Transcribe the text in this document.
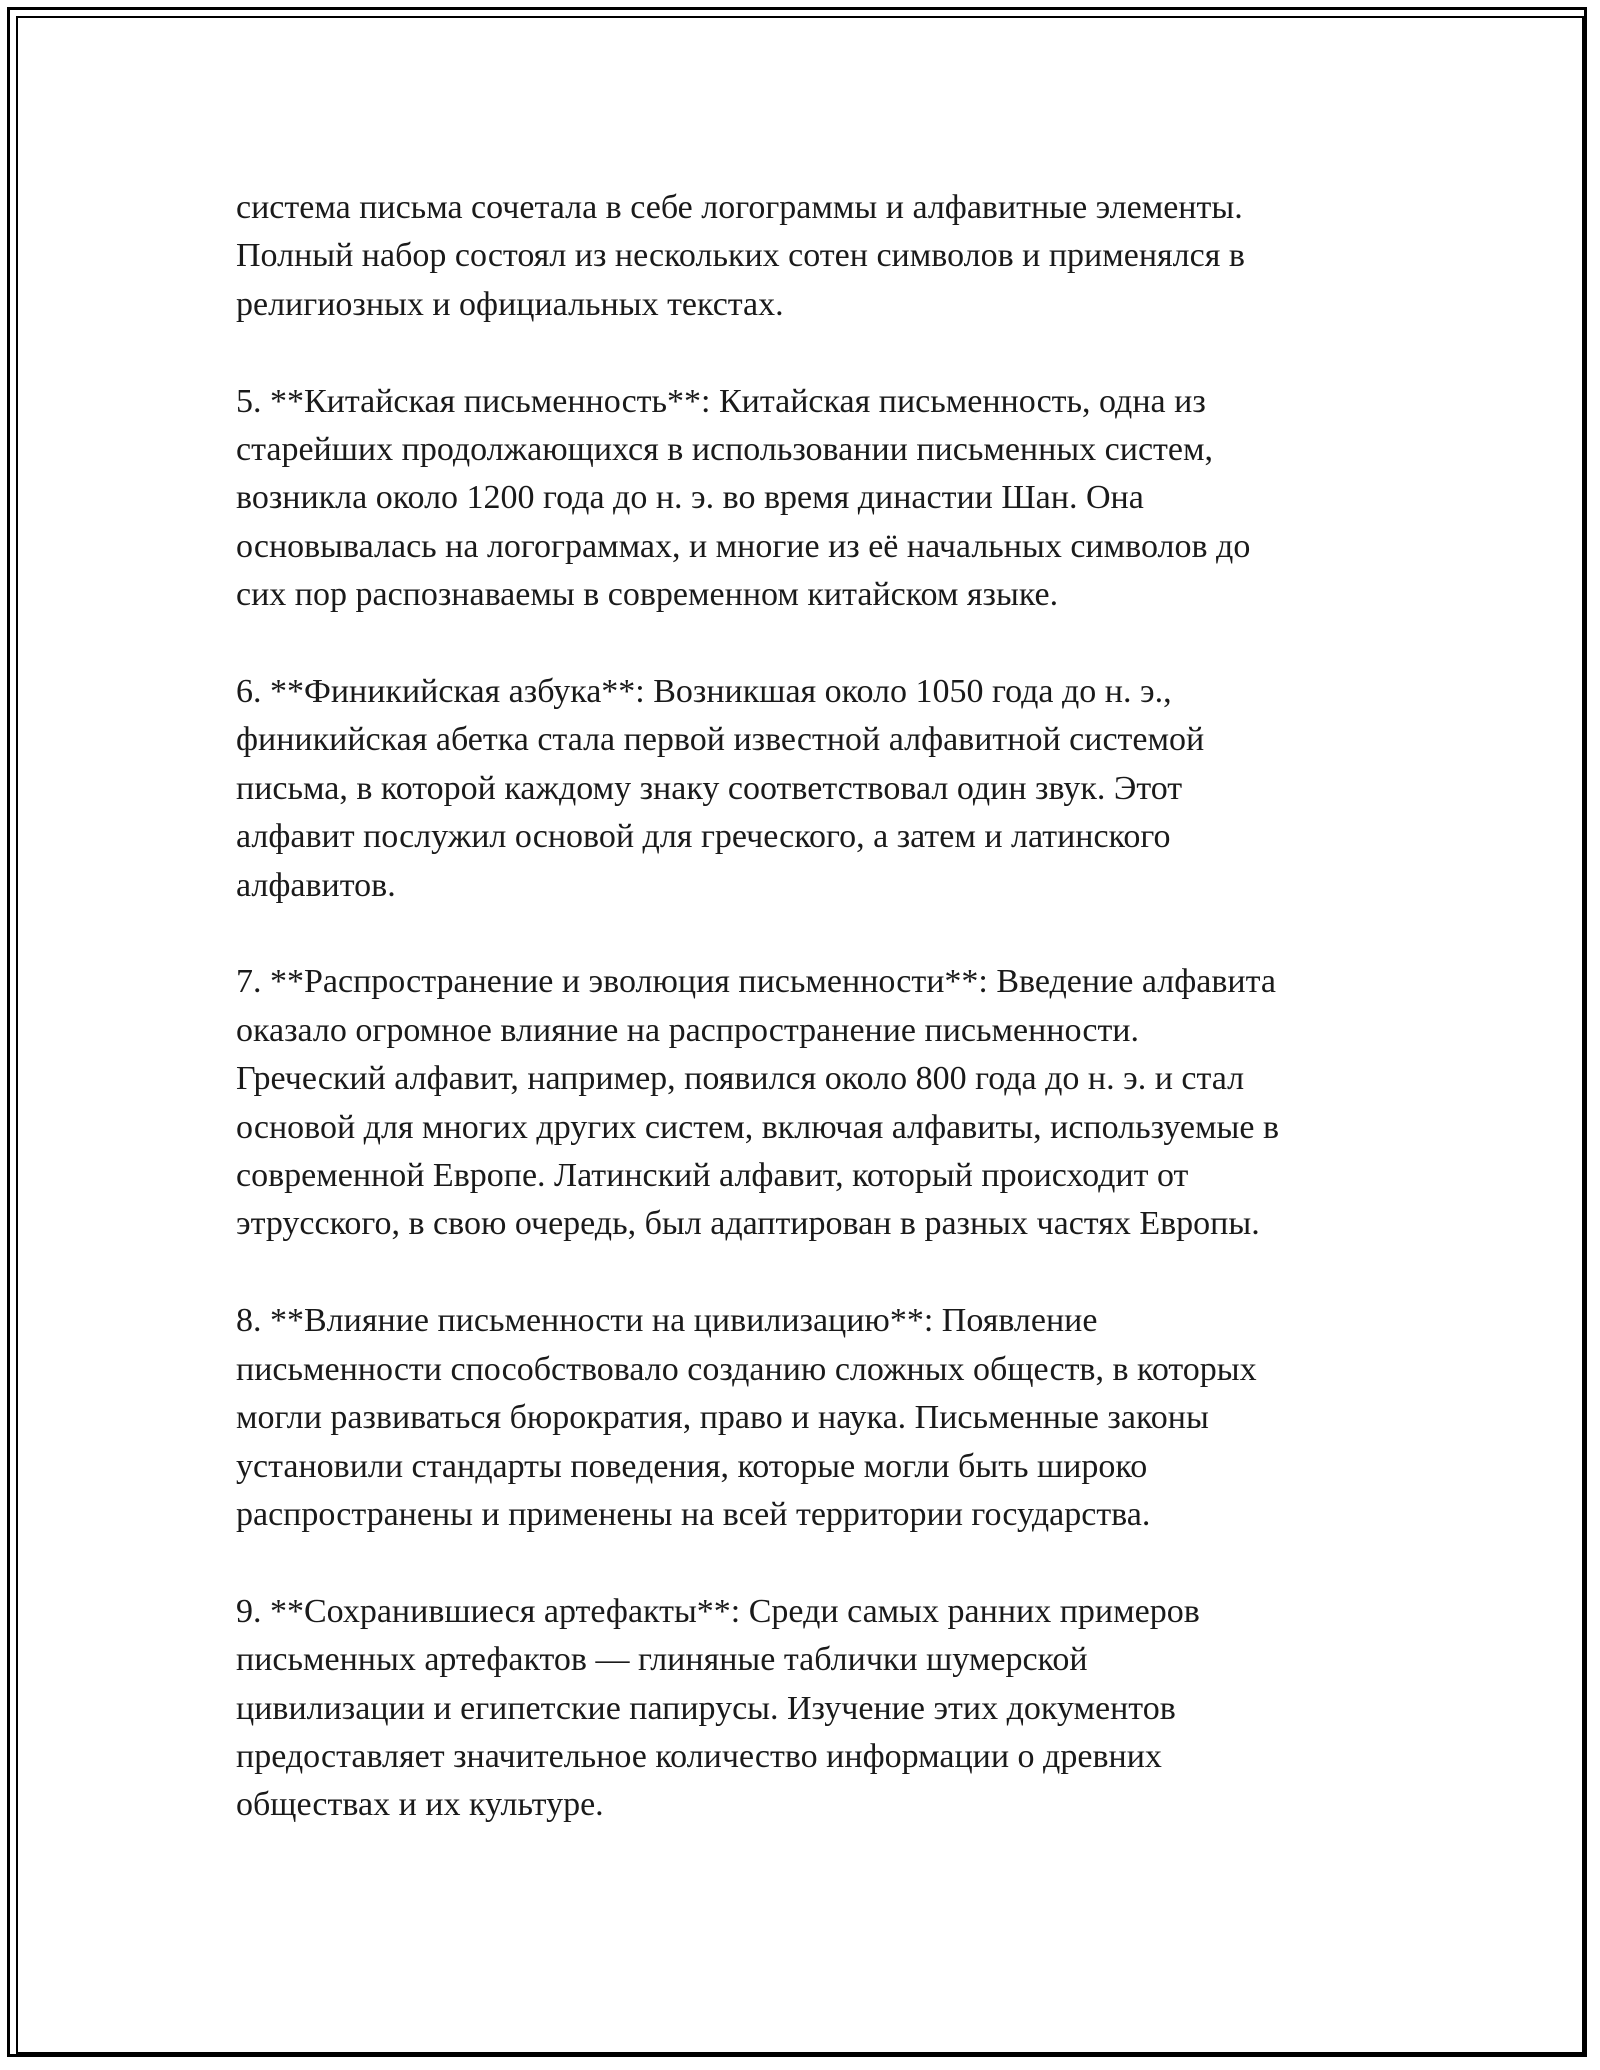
система письма сочетала в себе логограммы и алфавитные элементы.
Полный набор состоял из нескольких сотен символов и применялся в
религиозных и официальных текстах.

5. **Китайская письменность**: Китайская письменность, одна из
старейших продолжающихся в использовании письменных систем,
возникла около 1200 года до н. э. во время династии Шан. Она
основывалась на логограммах, и многие из её начальных символов до
сих пор распознаваемы в современном китайском языке.

6. **Финикийская азбука**: Возникшая около 1050 года до н. э.,
финикийская абетка стала первой известной алфавитной системой
письма, в которой каждому знаку соответствовал один звук. Этот
алфавит послужил основой для греческого, а затем и латинского
алфавитов.

7. **Распространение и эволюция письменности**: Введение алфавита
оказало огромное влияние на распространение письменности.
Греческий алфавит, например, появился около 800 года до н. э. и стал
основой для многих других систем, включая алфавиты, используемые в
современной Европе. Латинский алфавит, который происходит от
этрусского, в свою очередь, был адаптирован в разных частях Европы.

8. **Влияние письменности на цивилизацию**: Появление
письменности способствовало созданию сложных обществ, в которых
могли развиваться бюрократия, право и наука. Письменные законы
установили стандарты поведения, которые могли быть широко
распространены и применены на всей территории государства.

9. **Сохранившиеся артефакты**: Среди самых ранних примеров
письменных артефактов — глиняные таблички шумерской
цивилизации и египетские папирусы. Изучение этих документов
предоставляет значительное количество информации о древних
обществах и их культуре.
